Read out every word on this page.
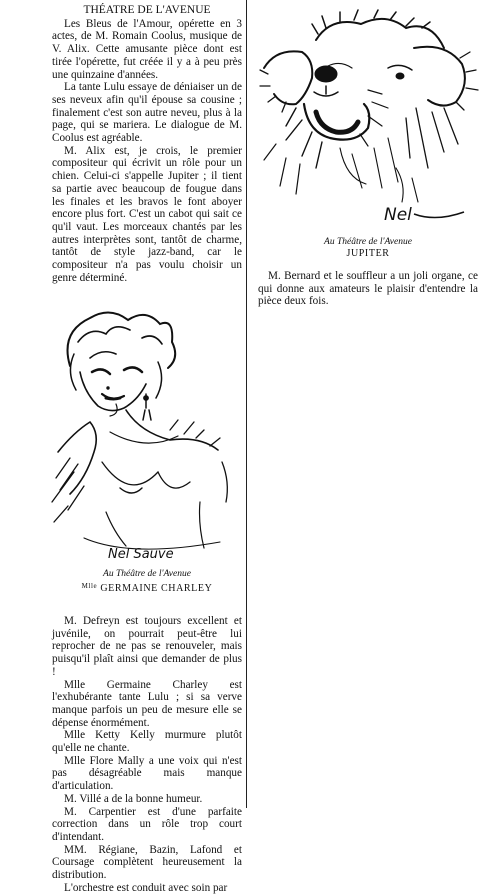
THÉATRE DE L'AVENUE

Les Bleus de l'Amour, opérette en 3 actes, de M. Romain Coolus, musique de V. Alix. Cette amusante pièce dont est tirée l'opérette, fut créée il y a à peu près une quinzaine d'années.

La tante Lulu essaye de déniaiser un de ses neveux afin qu'il épouse sa cousine ; finalement c'est son autre neveu, plus à la page, qui se mariera. Le dialogue de M. Coolus est agréable.

M. Alix est, je crois, le premier compositeur qui écrivit un rôle pour un chien. Celui-ci s'appelle Jupiter ; il tient sa partie avec beaucoup de fougue dans les finales et les bravos le font aboyer encore plus fort. C'est un cabot qui sait ce qu'il vaut. Les morceaux chantés par les autres interprètes sont, tantôt de charme, tantôt de style jazz-band, car le compositeur n'a pas voulu choisir un genre déterminé.

Nel
Au Théâtre de l'Avenue
JUPITER

M. Bernard et le souffleur a un joli organe, ce qui donne aux amateurs le plaisir d'entendre la pièce deux fois.

Nel Sauve
Au Théâtre de l'Avenue
$^{Mlle}$ GERMAINE CHARLEY

M. Defreyn est toujours excellent et juvénile, on pourrait peut-être lui reprocher de ne pas se renouveler, mais puisqu'il plaît ainsi que demander de plus !

Mlle Germaine Charley est l'exhubérante tante Lulu ; si sa verve manque parfois un peu de mesure elle se dépense énormément.

Mlle Ketty Kelly murmure plutôt qu'elle ne chante.

Mlle Flore Mally a une voix qui n'est pas désagréable mais manque d'articulation.

M. Villé a de la bonne humeur.

M. Carpentier est d'une parfaite correction dans un rôle trop court d'intendant.

MM. Régiane, Bazin, Lafond et Coursage complètent heureusement la distribution.

L'orchestre est conduit avec soin par
